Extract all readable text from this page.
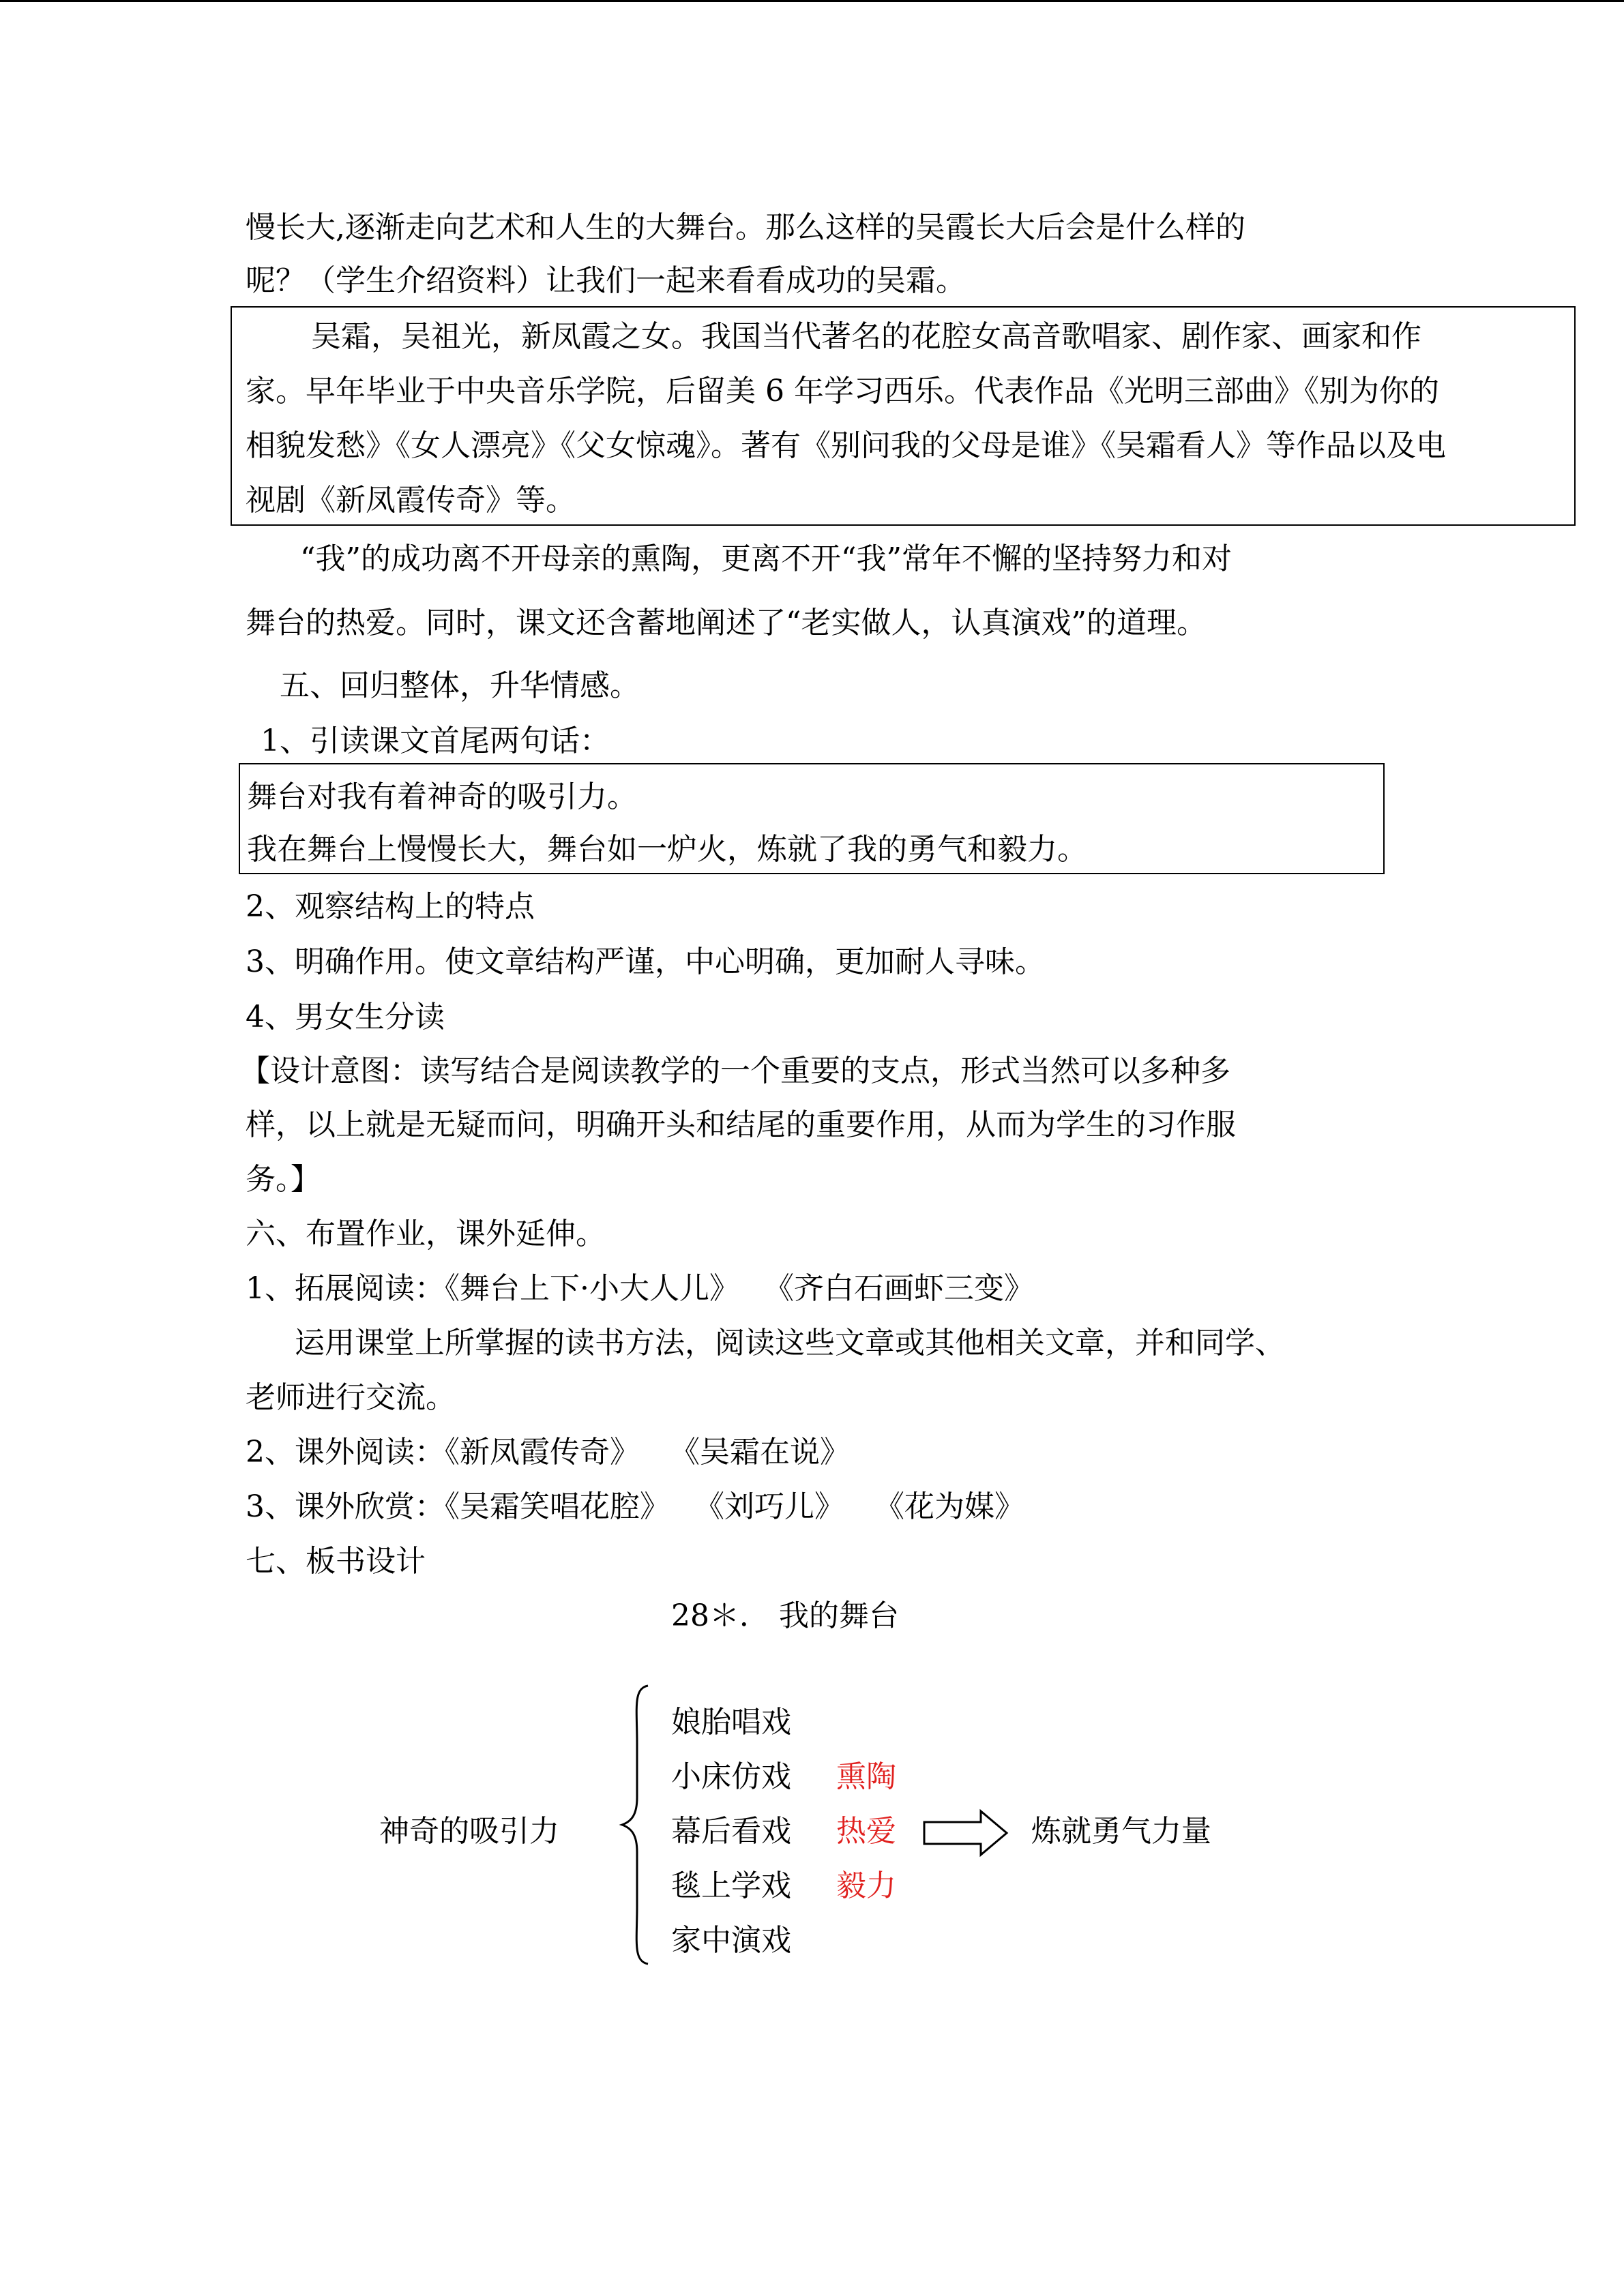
慢长大,逐渐走向艺术和人生的大舞台。那么这样的吴霞长大后会是什么样的
呢？（学生介绍资料）让我们一起来看看成功的吴霜。
吴霜，吴祖光，新凤霞之女。我国当代著名的花腔女高音歌唱家、剧作家、画家和作
家。早年毕业于中央音乐学院，后留美 6 年学习西乐。代表作品《光明三部曲》《别为你的
相貌发愁》《女人漂亮》《父女惊魂》。著有《别问我的父母是谁》《吴霜看人》等作品以及电
视剧《新凤霞传奇》等。
“我”的成功离不开母亲的熏陶，更离不开“我”常年不懈的坚持努力和对
舞台的热爱。同时，课文还含蓄地阐述了“老实做人，认真演戏”的道理。
五、回归整体，升华情感。
1、引读课文首尾两句话：
舞台对我有着神奇的吸引力。
我在舞台上慢慢长大，舞台如一炉火，炼就了我的勇气和毅力。
2、观察结构上的特点
3、明确作用。使文章结构严谨，中心明确，更加耐人寻味。
4、男女生分读
【设计意图：读写结合是阅读教学的一个重要的支点，形式当然可以多种多
样，以上就是无疑而问，明确开头和结尾的重要作用，从而为学生的习作服
务。】
六、布置作业，课外延伸。
1、拓展阅读：《舞台上下·小大人儿》　 《齐白石画虾三变》
运用课堂上所掌握的读书方法，阅读这些文章或其他相关文章，并和同学、
老师进行交流。
2、课外阅读：《新凤霞传奇》　　《吴霜在说》
3、课外欣赏：《吴霜笑唱花腔》　 《刘巧儿》　　《花为媒》
七、板书设计
28＊． 我的舞台
神奇的吸引力
娘胎唱戏
小床仿戏
幕后看戏
毯上学戏
家中演戏
熏陶
热爱
毅力
炼就勇气力量
